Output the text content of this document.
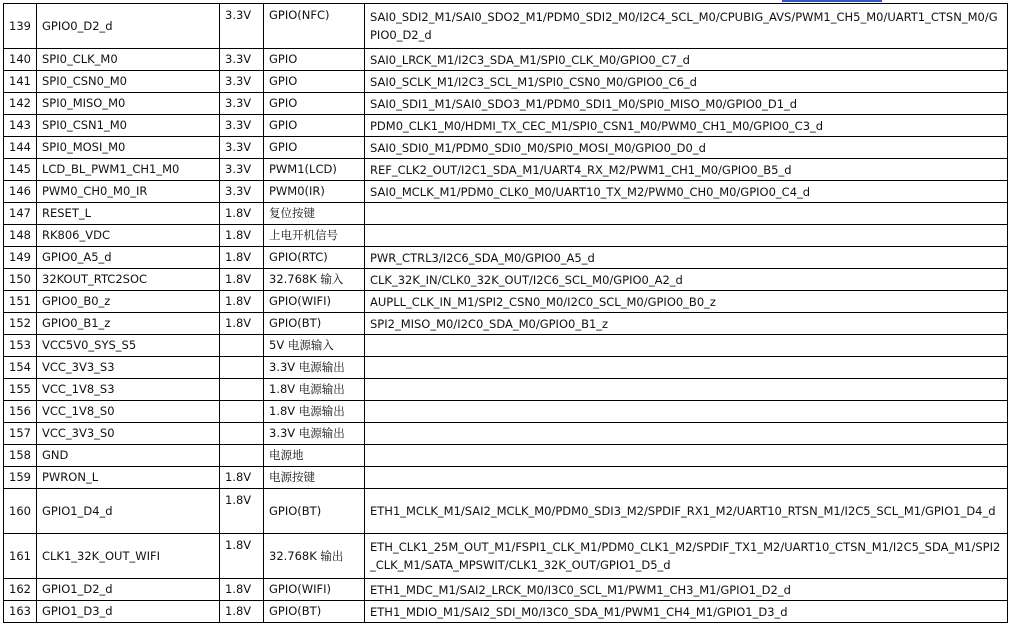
139	GPIO0_D2_d	3.3V	GPIO(NFC)	SAI0_SDI2_M1/SAI0_SDO2_M1/PDM0_SDI2_M0/I2C4_SCL_M0/CPUBIG_AVS/PWM1_CH5_M0/UART1_CTSN_M0/GPIO0_D2_d
140	SPI0_CLK_M0	3.3V	GPIO	SAI0_LRCK_M1/I2C3_SDA_M1/SPI0_CLK_M0/GPIO0_C7_d
141	SPI0_CSN0_M0	3.3V	GPIO	SAI0_SCLK_M1/I2C3_SCL_M1/SPI0_CSN0_M0/GPIO0_C6_d
142	SPI0_MISO_M0	3.3V	GPIO	SAI0_SDI1_M1/SAI0_SDO3_M1/PDM0_SDI1_M0/SPI0_MISO_M0/GPIO0_D1_d
143	SPI0_CSN1_M0	3.3V	GPIO	PDM0_CLK1_M0/HDMI_TX_CEC_M1/SPI0_CSN1_M0/PWM0_CH1_M0/GPIO0_C3_d
144	SPI0_MOSI_M0	3.3V	GPIO	SAI0_SDI0_M1/PDM0_SDI0_M0/SPI0_MOSI_M0/GPIO0_D0_d
145	LCD_BL_PWM1_CH1_M0	3.3V	PWM1(LCD)	REF_CLK2_OUT/I2C1_SDA_M1/UART4_RX_M2/PWM1_CH1_M0/GPIO0_B5_d
146	PWM0_CH0_M0_IR	3.3V	PWM0(IR)	SAI0_MCLK_M1/PDM0_CLK0_M0/UART10_TX_M2/PWM0_CH0_M0/GPIO0_C4_d
147	RESET_L	1.8V	复位按键	
148	RK806_VDC	1.8V	上电开机信号	
149	GPIO0_A5_d	1.8V	GPIO(RTC)	PWR_CTRL3/I2C6_SDA_M0/GPIO0_A5_d
150	32KOUT_RTC2SOC	1.8V	32.768K 输入	CLK_32K_IN/CLK0_32K_OUT/I2C6_SCL_M0/GPIO0_A2_d
151	GPIO0_B0_z	1.8V	GPIO(WIFI)	AUPLL_CLK_IN_M1/SPI2_CSN0_M0/I2C0_SCL_M0/GPIO0_B0_z
152	GPIO0_B1_z	1.8V	GPIO(BT)	SPI2_MISO_M0/I2C0_SDA_M0/GPIO0_B1_z
153	VCC5V0_SYS_S5		5V 电源输入	
154	VCC_3V3_S3		3.3V 电源输出	
155	VCC_1V8_S3		1.8V 电源输出	
156	VCC_1V8_S0		1.8V 电源输出	
157	VCC_3V3_S0		3.3V 电源输出	
158	GND		电源地	
159	PWRON_L	1.8V	电源按键	
160	GPIO1_D4_d	1.8V	GPIO(BT)	ETH1_MCLK_M1/SAI2_MCLK_M0/PDM0_SDI3_M2/SPDIF_RX1_M2/UART10_RTSN_M1/I2C5_SCL_M1/GPIO1_D4_d
161	CLK1_32K_OUT_WIFI	1.8V	32.768K 输出	ETH_CLK1_25M_OUT_M1/FSPI1_CLK_M1/PDM0_CLK1_M2/SPDIF_TX1_M2/UART10_CTSN_M1/I2C5_SDA_M1/SPI2_CLK_M1/SATA_MPSWIT/CLK1_32K_OUT/GPIO1_D5_d
162	GPIO1_D2_d	1.8V	GPIO(WIFI)	ETH1_MDC_M1/SAI2_LRCK_M0/I3C0_SCL_M1/PWM1_CH3_M1/GPIO1_D2_d
163	GPIO1_D3_d	1.8V	GPIO(BT)	ETH1_MDIO_M1/SAI2_SDI_M0/I3C0_SDA_M1/PWM1_CH4_M1/GPIO1_D3_d
